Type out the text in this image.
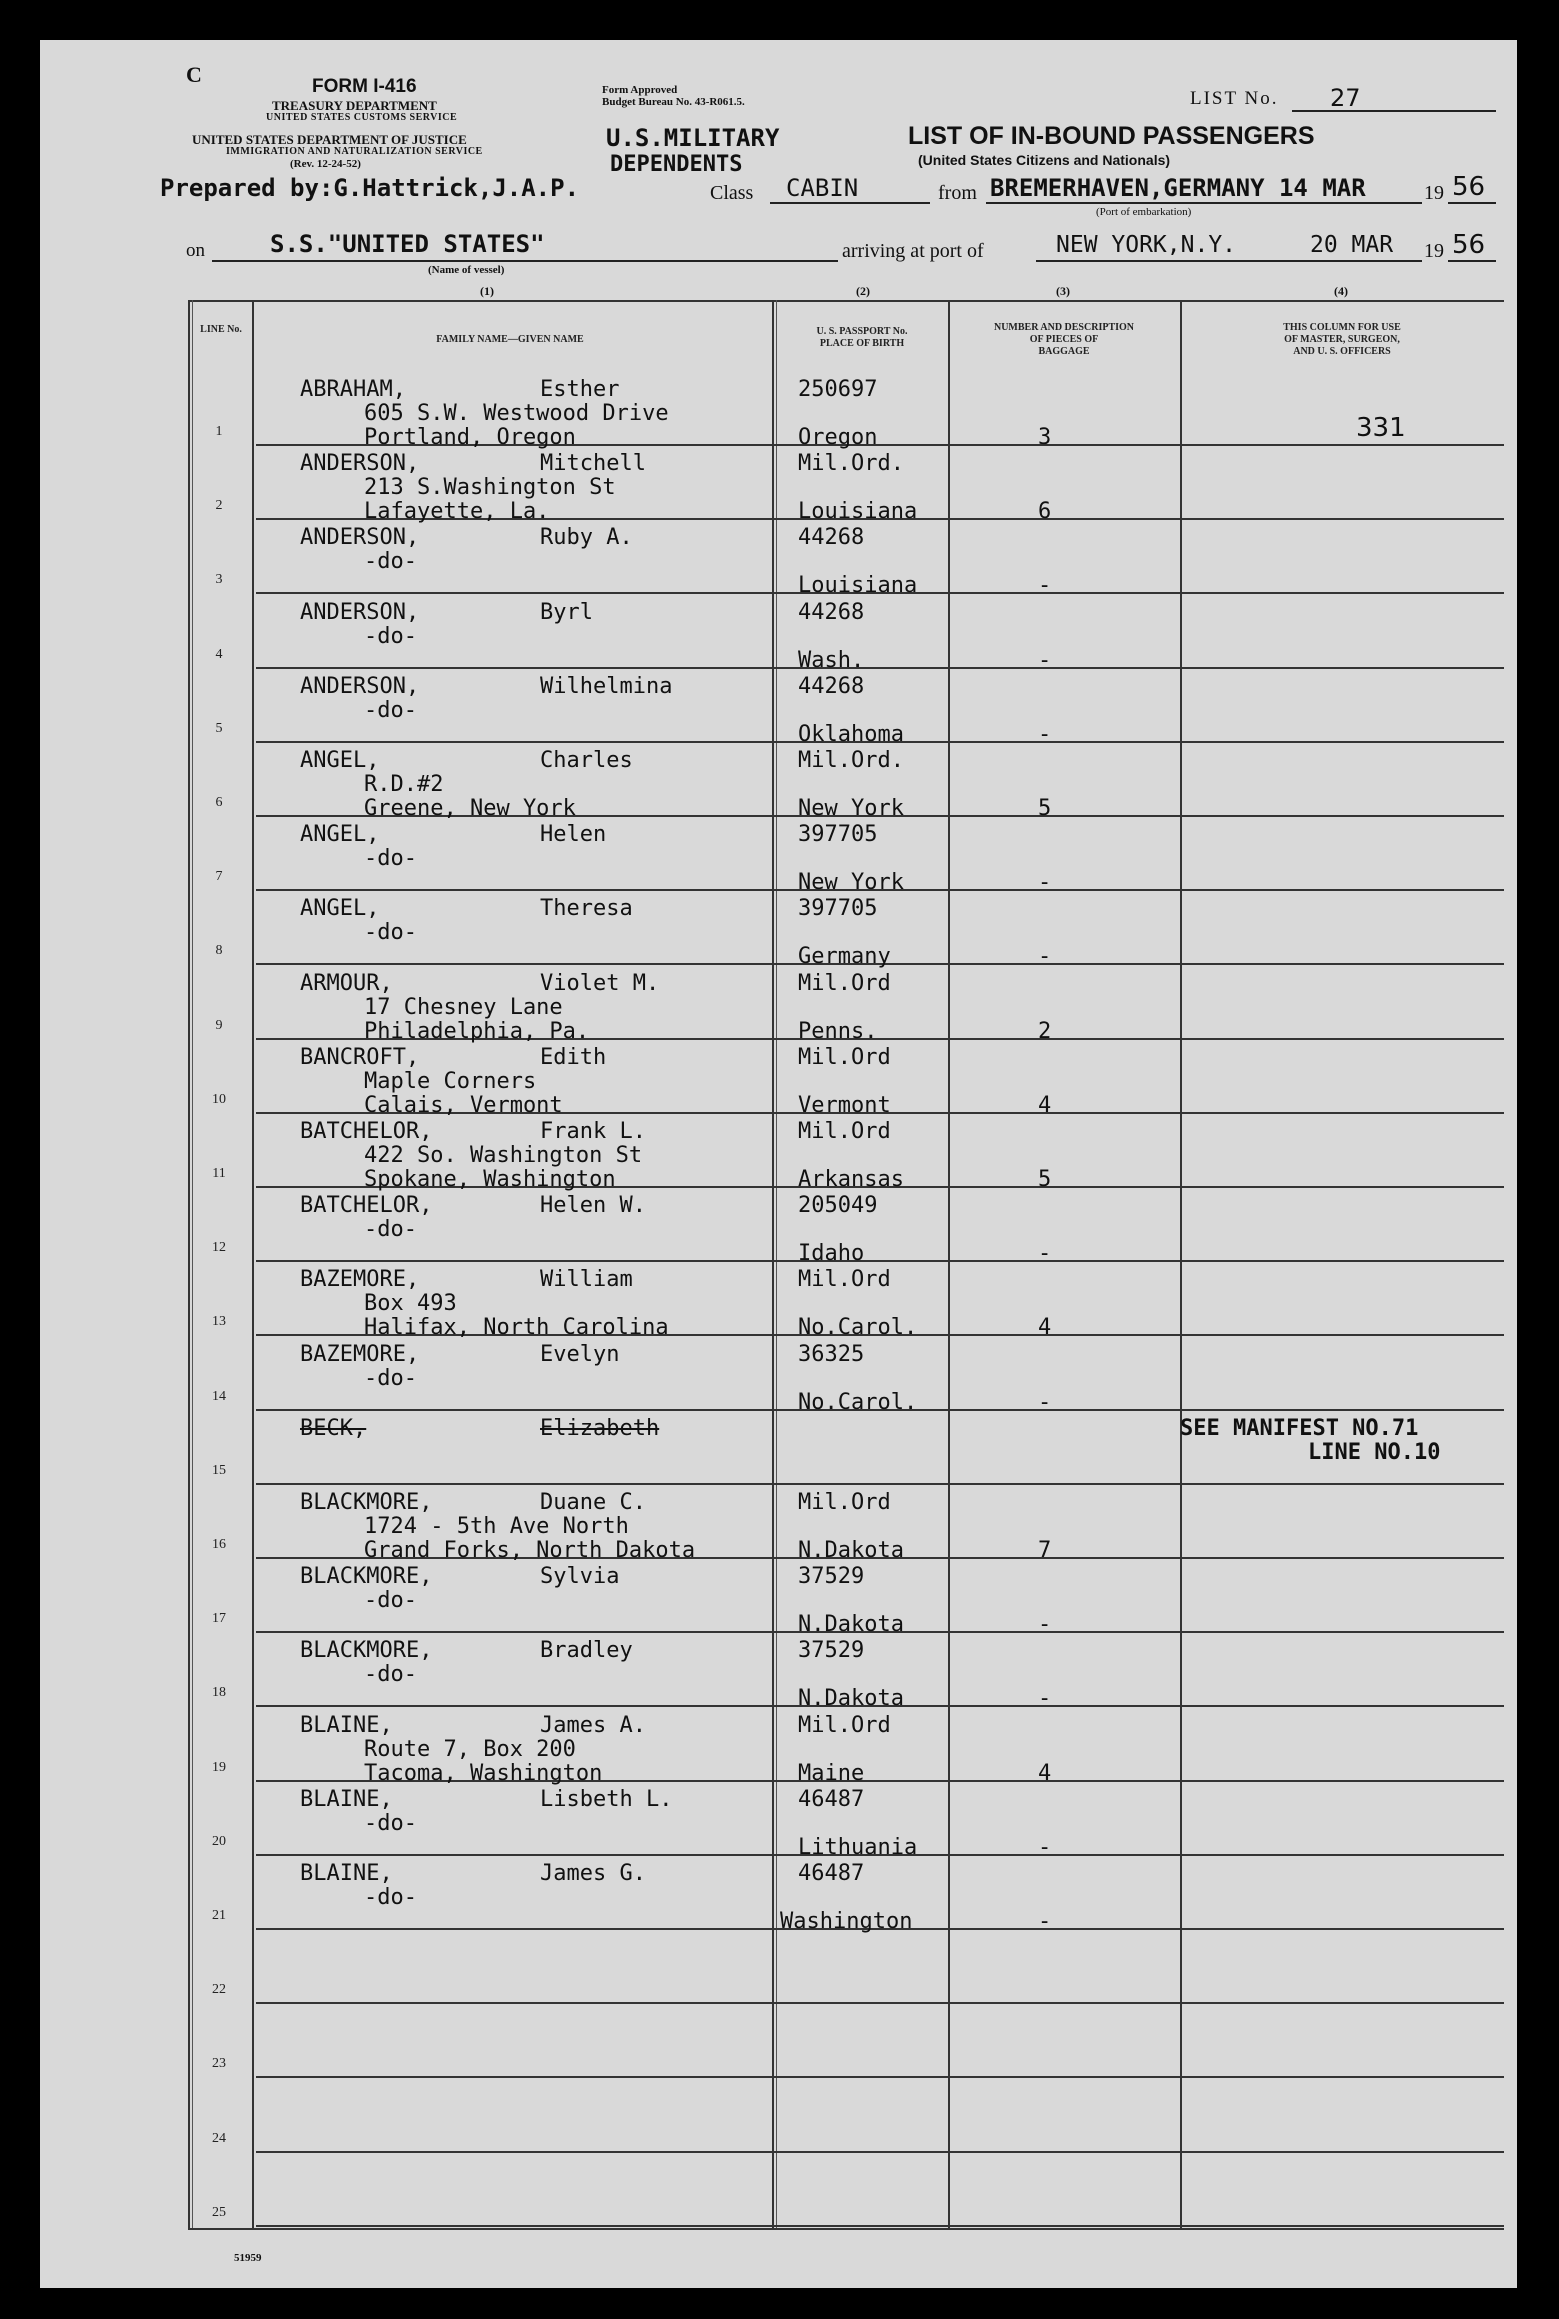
C	FORM I-416
TREASURY DEPARTMENT
UNITED STATES CUSTOMS SERVICE
UNITED STATES DEPARTMENT OF JUSTICE
IMMIGRATION AND NATURALIZATION SERVICE
(Rev. 12-24-52)
Form Approved
Budget Bureau No. 43-R061.5.
U.S.MILITARY
DEPENDENTS
LIST No. 27
LIST OF IN-BOUND PASSENGERS
(United States Citizens and Nationals)
Prepared by:G.Hattrick,J.A.P.	Class CABIN	from BREMERHAVEN,GERMANY 14 MAR	19 56
(Port of embarkation)
on	S.S."UNITED STATES"
(Name of vessel)
arriving at port of	NEW YORK,N.Y.	20 MAR 19 56
(1)	(2)	(3)	(4)
LINE No.
FAMILY NAME—GIVEN NAME
U. S. PASSPORT No.
PLACE OF BIRTH
NUMBER AND DESCRIPTION
OF PIECES OF
BAGGAGE
THIS COLUMN FOR USE
OF MASTER, SURGEON,
AND U. S. OFFICERS
1
ABRAHAM,	Esther
605 S.W. Westwood Drive
Portland, Oregon
250697
Oregon	3	331
2
ANDERSON,	Mitchell
213 S.Washington St
Lafayette, La.
Mil.Ord.
Louisiana	6
3
ANDERSON,	Ruby A.
-do-
44268
Louisiana	-
4
ANDERSON,	Byrl
-do-
44268
Wash.	-
5
ANDERSON,	Wilhelmina
-do-
44268
Oklahoma	-
6
ANGEL,	Charles
R.D.#2
Greene, New York
Mil.Ord.
New York	5
7
ANGEL,	Helen
-do-
397705
New York	-
8
ANGEL,	Theresa
-do-
397705
Germany	-
9
ARMOUR,	Violet M.
17 Chesney Lane
Philadelphia, Pa.
Mil.Ord
Penns.	2
10
BANCROFT,	Edith
Maple Corners
Calais, Vermont
Mil.Ord
Vermont	4
11
BATCHELOR,	Frank L.
422 So. Washington St
Spokane, Washington
Mil.Ord
Arkansas	5
12
BATCHELOR,	Helen W.
-do-
205049
Idaho	-
13
BAZEMORE,	William
Box 493
Halifax, North Carolina
Mil.Ord
No.Carol.	4
14
BAZEMORE,	Evelyn
-do-
36325
No.Carol.	-
15
BECK,	Elizabeth	SEE MANIFEST NO.71
LINE NO.10
16
BLACKMORE,	Duane C.
1724 - 5th Ave North
Grand Forks, North Dakota
Mil.Ord
N.Dakota	7
17
BLACKMORE,	Sylvia
-do-
37529
N.Dakota	-
18
BLACKMORE,	Bradley
-do-
37529
N.Dakota	-
19
BLAINE,	James A.
Route 7, Box 200
Tacoma, Washington
Mil.Ord
Maine	4
20
BLAINE,	Lisbeth L.
-do-
46487
Lithuania	-
21
BLAINE,	James G.
-do-
46487
Washington	-
22
23
24
25
51959
